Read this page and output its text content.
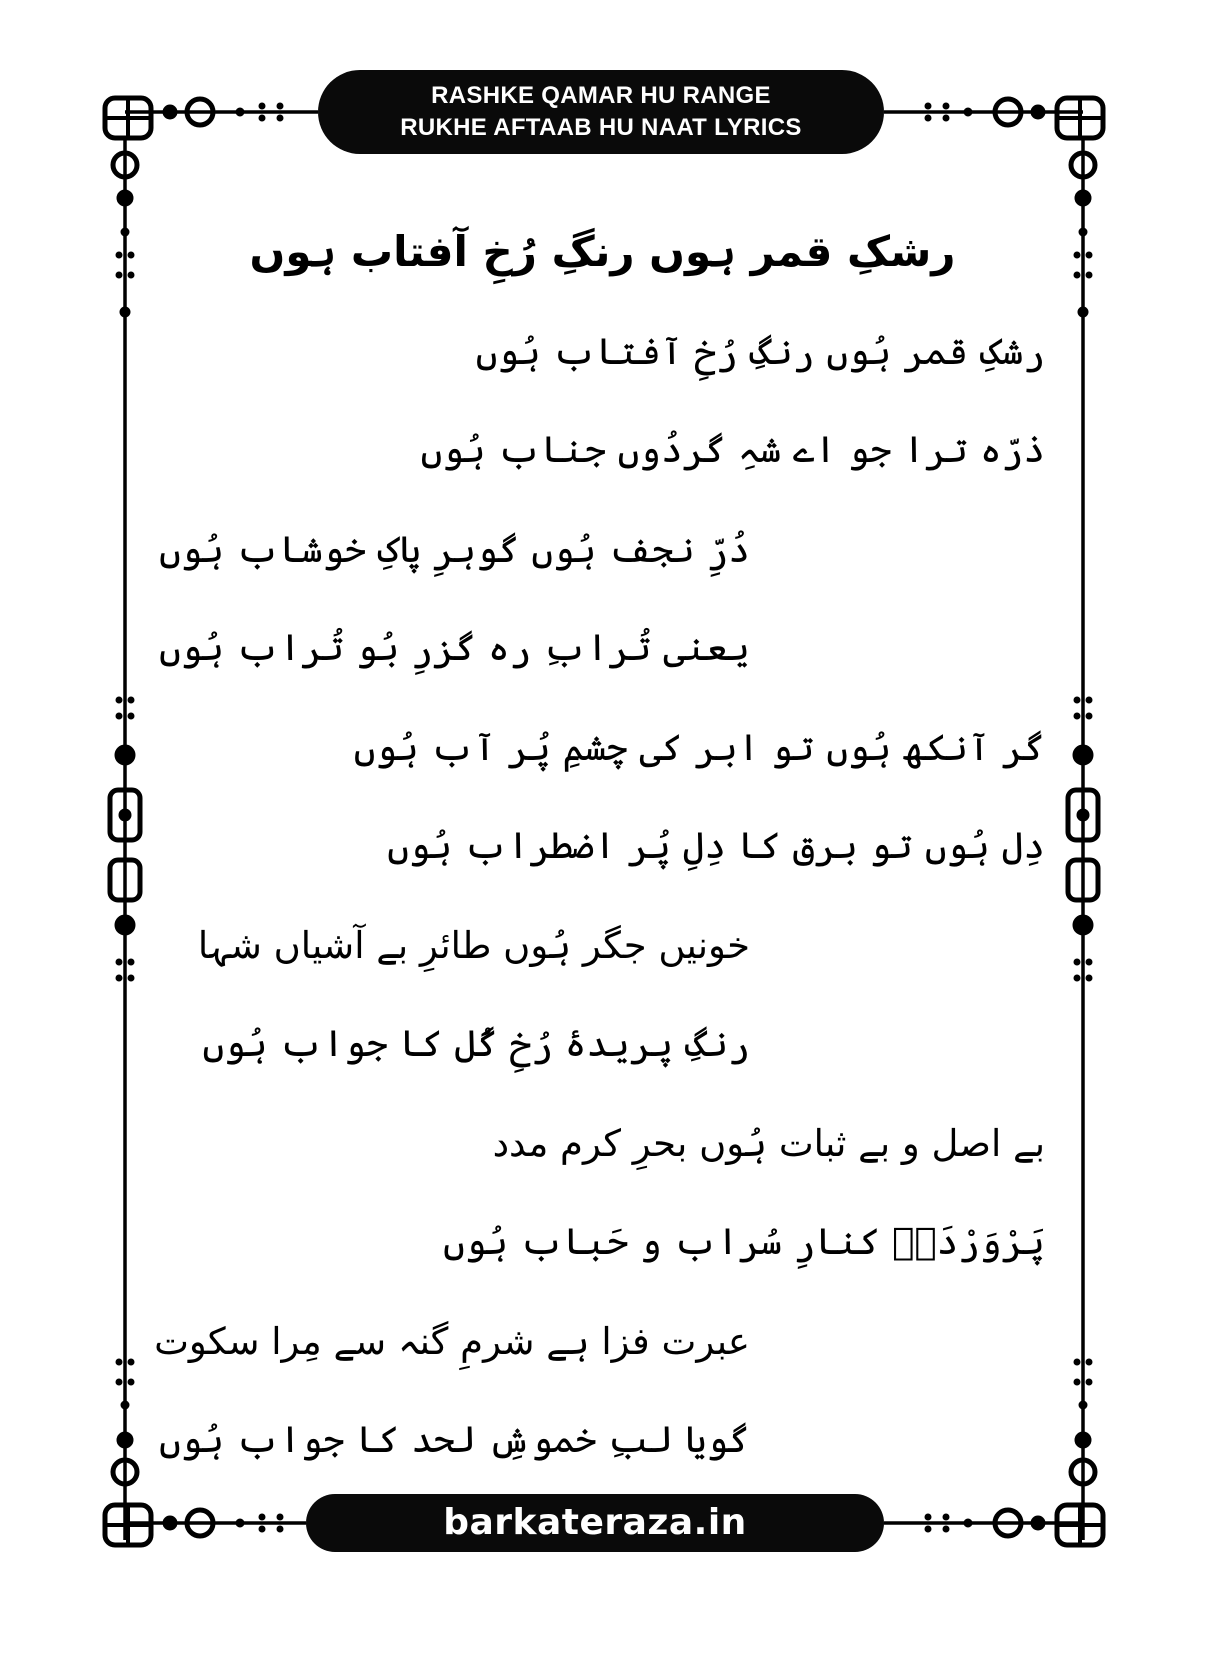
RASHKE QAMAR HU RANGE
RUKHE AFTAAB HU NAAT LYRICS
رشکِ قمر ہوں رنگِ رُخِ آفتاب ہوں
رشکِ قمر ہُوں رنگِ رُخِ آفتاب ہُوں
ذرّہ ترا جو اے شہِ گردُوں جناب ہُوں
دُرِّ نجف ہُوں گوہرِ پاکِ خوشاب ہُوں
یعنی تُرابِ رہ گزرِ بُو تُراب ہُوں
گر آنکھ ہُوں تو ابر کی چشمِ پُر آب ہُوں
دِل ہُوں تو برق کا دِلِ پُر اضطراب ہُوں
خونیں جگر ہُوں طائرِ بے آشیاں شہا
رنگِ پریدۂ رُخِ گُل کا جواب ہُوں
بے اصل و بے ثبات ہُوں بحرِ کرم مدد
پَرْوَرْدَہٗ کنارِ سُراب و حَباب ہُوں
عبرت فزا ہے شرمِ گنہ سے مِرا سکوت
گویا لبِ خموشِ لحد کا جواب ہُوں
barkateraza.in
